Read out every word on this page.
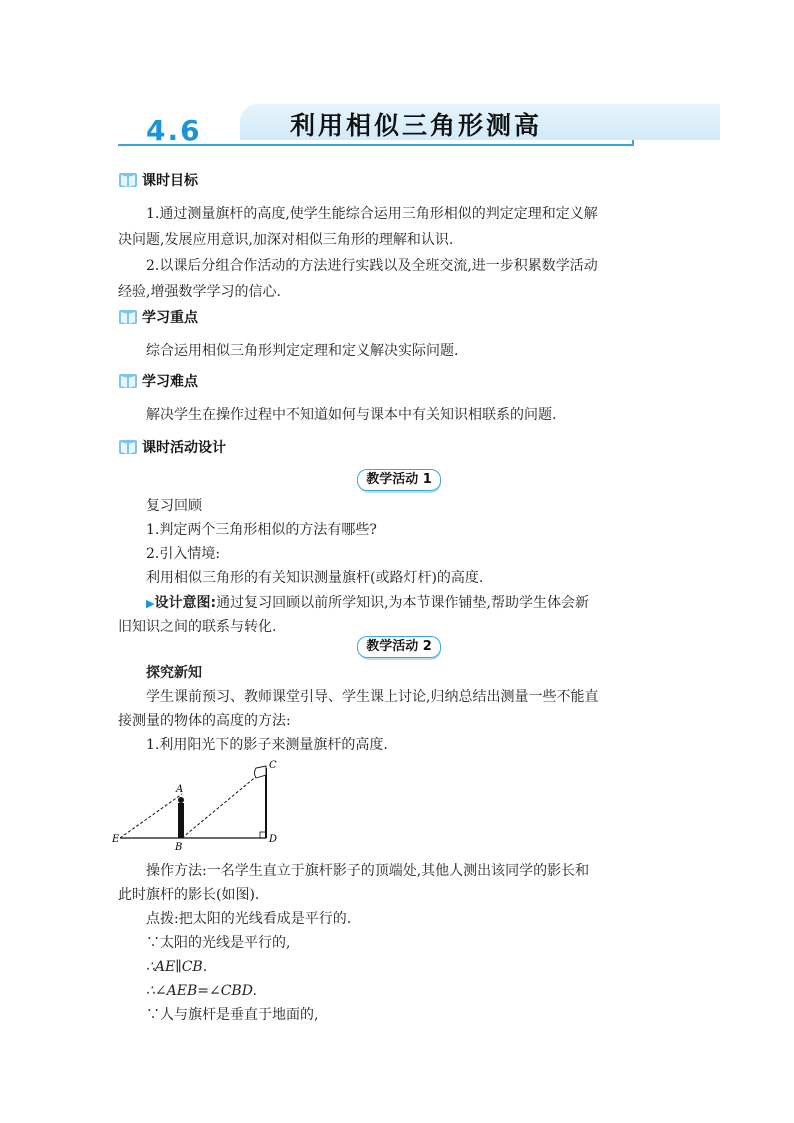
4.6	利用相似三角形测高
课时目标
1.通过测量旗杆的高度,使学生能综合运用三角形相似的判定定理和定义解
决问题,发展应用意识,加深对相似三角形的理解和认识.
2.以课后分组合作活动的方法进行实践以及全班交流,进一步积累数学活动
经验,增强数学学习的信心.
学习重点
综合运用相似三角形判定定理和定义解决实际问题.
学习难点
解决学生在操作过程中不知道如何与课本中有关知识相联系的问题.
课时活动设计
教学活动 1
复习回顾
1.判定两个三角形相似的方法有哪些?
2.引入情境:
利用相似三角形的有关知识测量旗杆(或路灯杆)的高度.
▶设计意图:通过复习回顾以前所学知识,为本节课作铺垫,帮助学生体会新
旧知识之间的联系与转化.
教学活动 2
探究新知
学生课前预习、教师课堂引导、学生课上讨论,归纳总结出测量一些不能直
接测量的物体的高度的方法:
1.利用阳光下的影子来测量旗杆的高度.
A
B
C
D
E
操作方法:一名学生直立于旗杆影子的顶端处,其他人测出该同学的影长和
此时旗杆的影长(如图).
点拨:把太阳的光线看成是平行的.
∵太阳的光线是平行的,
∴AE∥CB.
∴∠AEB=∠CBD.
∵人与旗杆是垂直于地面的,
